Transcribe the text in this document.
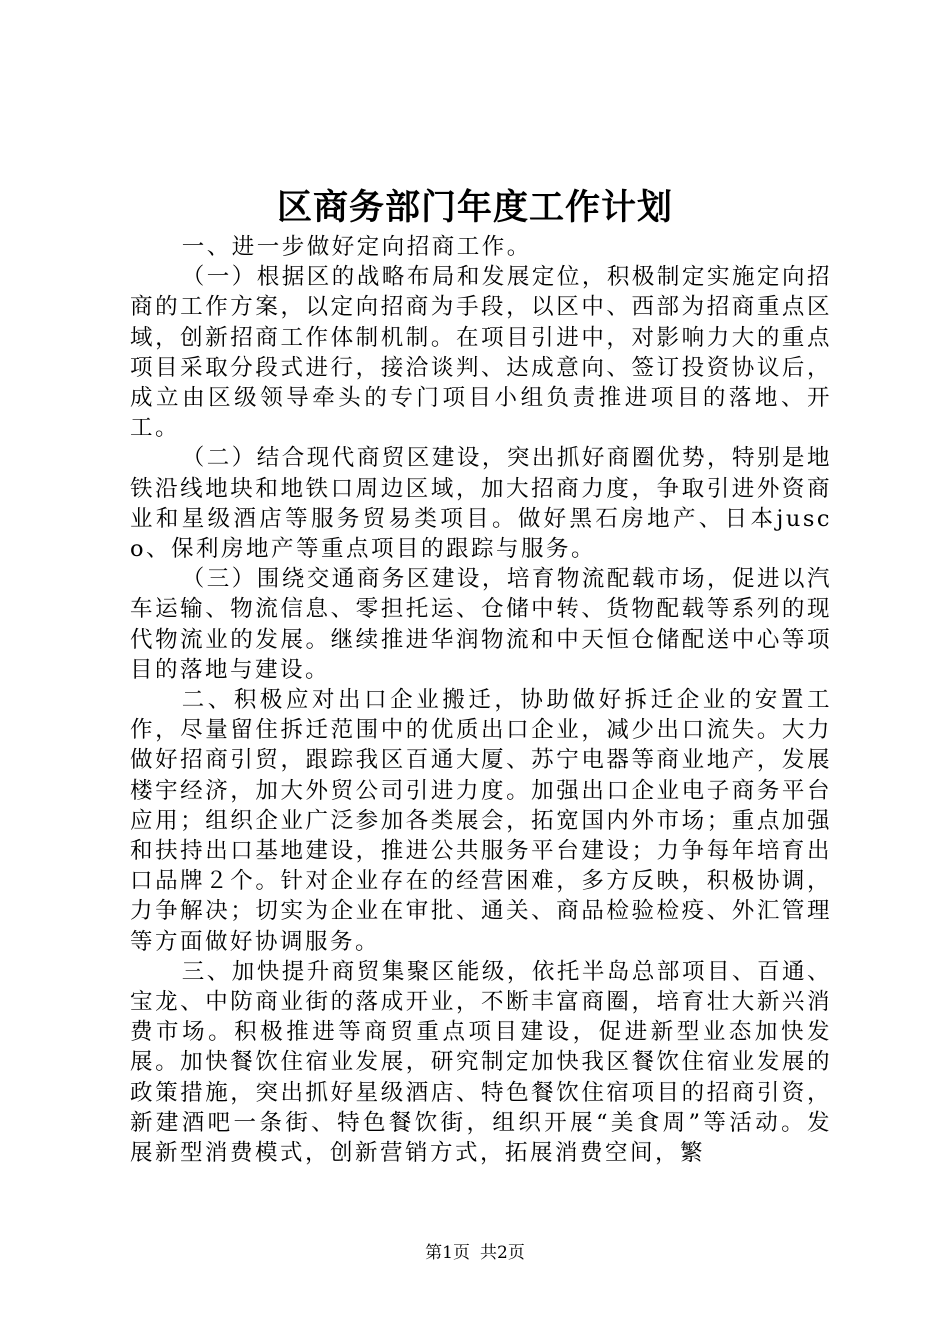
区商务部门年度工作计划

一、进一步做好定向招商工作。

（一）根据区的战略布局和发展定位，积极制定实施定向招商的工作方案，以定向招商为手段，以区中、西部为招商重点区域，创新招商工作体制机制。在项目引进中，对影响力大的重点项目采取分段式进行，接洽谈判、达成意向、签订投资协议后，成立由区级领导牵头的专门项目小组负责推进项目的落地、开工。

（二）结合现代商贸区建设，突出抓好商圈优势，特别是地铁沿线地块和地铁口周边区域，加大招商力度，争取引进外资商业和星级酒店等服务贸易类项目。做好黑石房地产、日本jusco、保利房地产等重点项目的跟踪与服务。

（三）围绕交通商务区建设，培育物流配载市场，促进以汽车运输、物流信息、零担托运、仓储中转、货物配载等系列的现代物流业的发展。继续推进华润物流和中天恒仓储配送中心等项目的落地与建设。

二、积极应对出口企业搬迁，协助做好拆迁企业的安置工作，尽量留住拆迁范围中的优质出口企业，减少出口流失。大力做好招商引贸，跟踪我区百通大厦、苏宁电器等商业地产，发展楼宇经济，加大外贸公司引进力度。加强出口企业电子商务平台应用；组织企业广泛参加各类展会，拓宽国内外市场；重点加强和扶持出口基地建设，推进公共服务平台建设；力争每年培育出口品牌２个。针对企业存在的经营困难，多方反映，积极协调，力争解决；切实为企业在审批、通关、商品检验检疫、外汇管理等方面做好协调服务。

三、加快提升商贸集聚区能级，依托半岛总部项目、百通、宝龙、中防商业街的落成开业，不断丰富商圈，培育壮大新兴消费市场。积极推进等商贸重点项目建设，促进新型业态加快发展。加快餐饮住宿业发展，研究制定加快我区餐饮住宿业发展的政策措施，突出抓好星级酒店、特色餐饮住宿项目的招商引资，新建酒吧一条街、特色餐饮街，组织开展“美食周”等活动。发展新型消费模式，创新营销方式，拓展消费空间，繁

第1页 共2页
